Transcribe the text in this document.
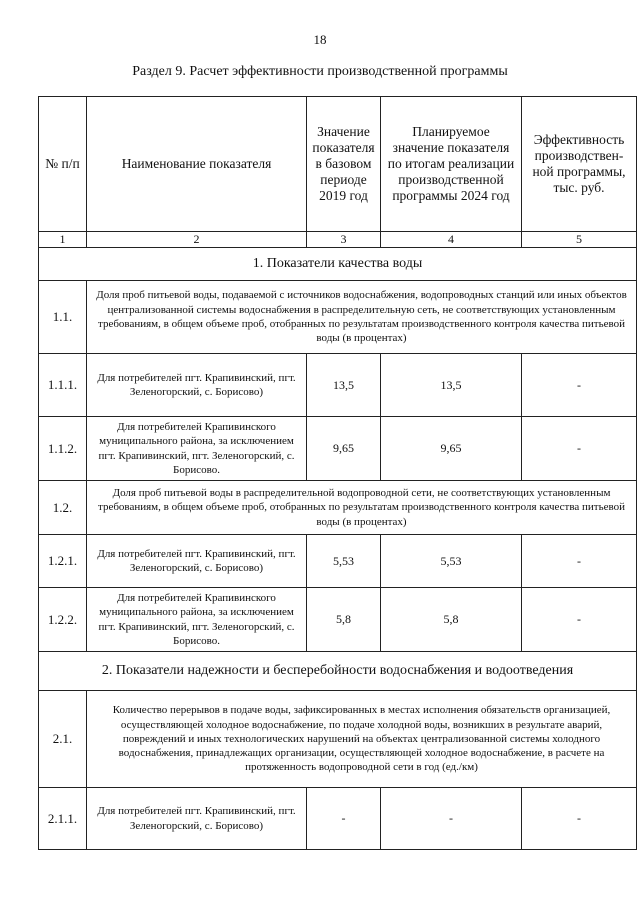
18
Раздел 9. Расчет эффективности производственной программы
№ п/п	Наименование показателя	Значение показателя в базовом периоде 2019 год	Планируемое значение показателя по итогам реализации производственной программы 2024 год	Эффективность производствен-ной программы, тыс. руб.
1	2	3	4	5
1. Показатели качества воды				
1.1.	Доля проб питьевой воды, подаваемой с источников водоснабжения, водопроводных станций или иных объектов централизованной системы водоснабжения в распределительную сеть, не соответствующих установленным требованиям, в общем объеме проб, отобранных по результатам производственного контроля качества питьевой воды (в процентах)			
1.1.1.	Для потребителей пгт. Крапивинский, пгт. Зеленогорский, с. Борисово)	13,5	13,5	-
1.1.2.	Для потребителей Крапивинского муниципального района, за исключением пгт. Крапивинский, пгт. Зеленогорский, с. Борисово.	9,65	9,65	-
1.2.	Доля проб питьевой воды в распределительной водопроводной сети, не соответствующих установленным требованиям, в общем объеме проб, отобранных по результатам производственного контроля качества питьевой воды (в процентах)			
1.2.1.	Для потребителей пгт. Крапивинский, пгт. Зеленогорский, с. Борисово)	5,53	5,53	-
1.2.2.	Для потребителей Крапивинского муниципального района, за исключением пгт. Крапивинский, пгт. Зеленогорский, с. Борисово.	5,8	5,8	-
2. Показатели надежности и бесперебойности водоснабжения и водоотведения				
2.1.	Количество перерывов в подаче воды, зафиксированных в местах исполнения обязательств организацией, осуществляющей холодное водоснабжение, по подаче холодной воды, возникших в результате аварий, повреждений и иных технологических нарушений на объектах централизованной системы холодного водоснабжения, принадлежащих организации, осуществляющей холодное водоснабжение, в расчете на протяженность водопроводной сети в год (ед./км)			
2.1.1.	Для потребителей пгт. Крапивинский, пгт. Зеленогорский, с. Борисово)	-	-	-
